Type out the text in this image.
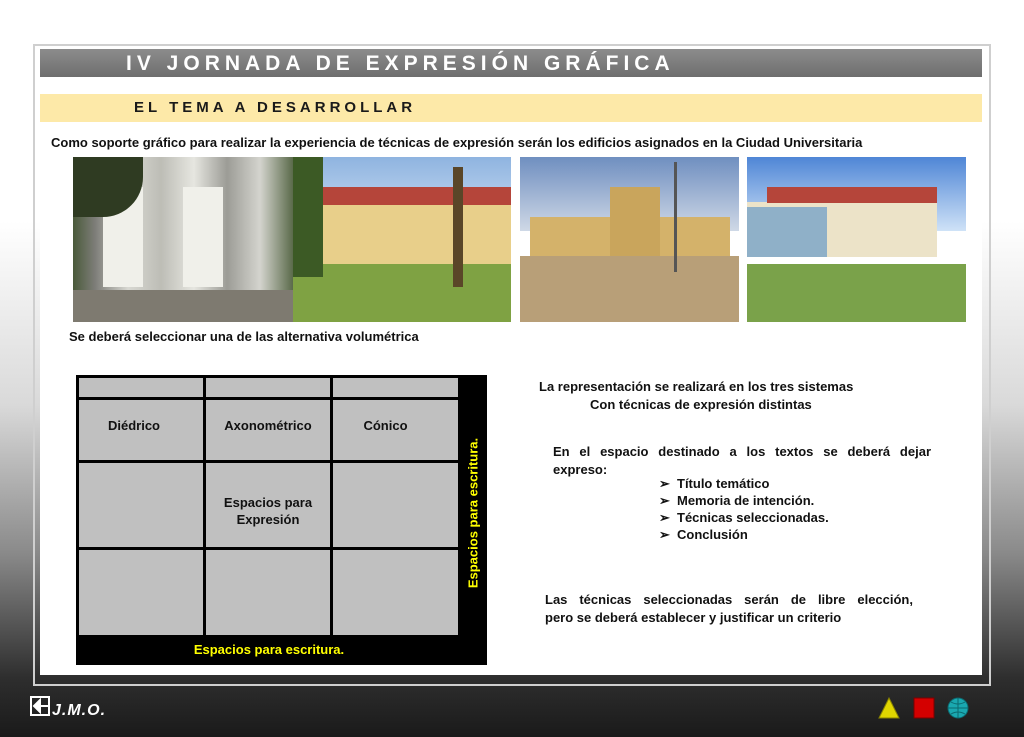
IV JORNADA DE EXPRESIÓN GRÁFICA
EL TEMA A DESARROLLAR
Como soporte gráfico para realizar la experiencia de técnicas de expresión serán los edificios asignados en la Ciudad Universitaria
Se deberá seleccionar una de las alternativa volumétrica
Diédrico	Axonométrico	Cónico
Espacios para
Expresión
Espacios para escritura.
Espacios para escritura.
La representación se realizará en los tres sistemas
Con técnicas de expresión distintas
En el espacio destinado a los textos se deberá dejar
expreso:
➢ Título temático
➢ Memoria de intención.
➢ Técnicas seleccionadas.
➢ Conclusión
Las técnicas seleccionadas serán de libre elección,
pero se deberá establecer y justificar un criterio
J.M.O.
